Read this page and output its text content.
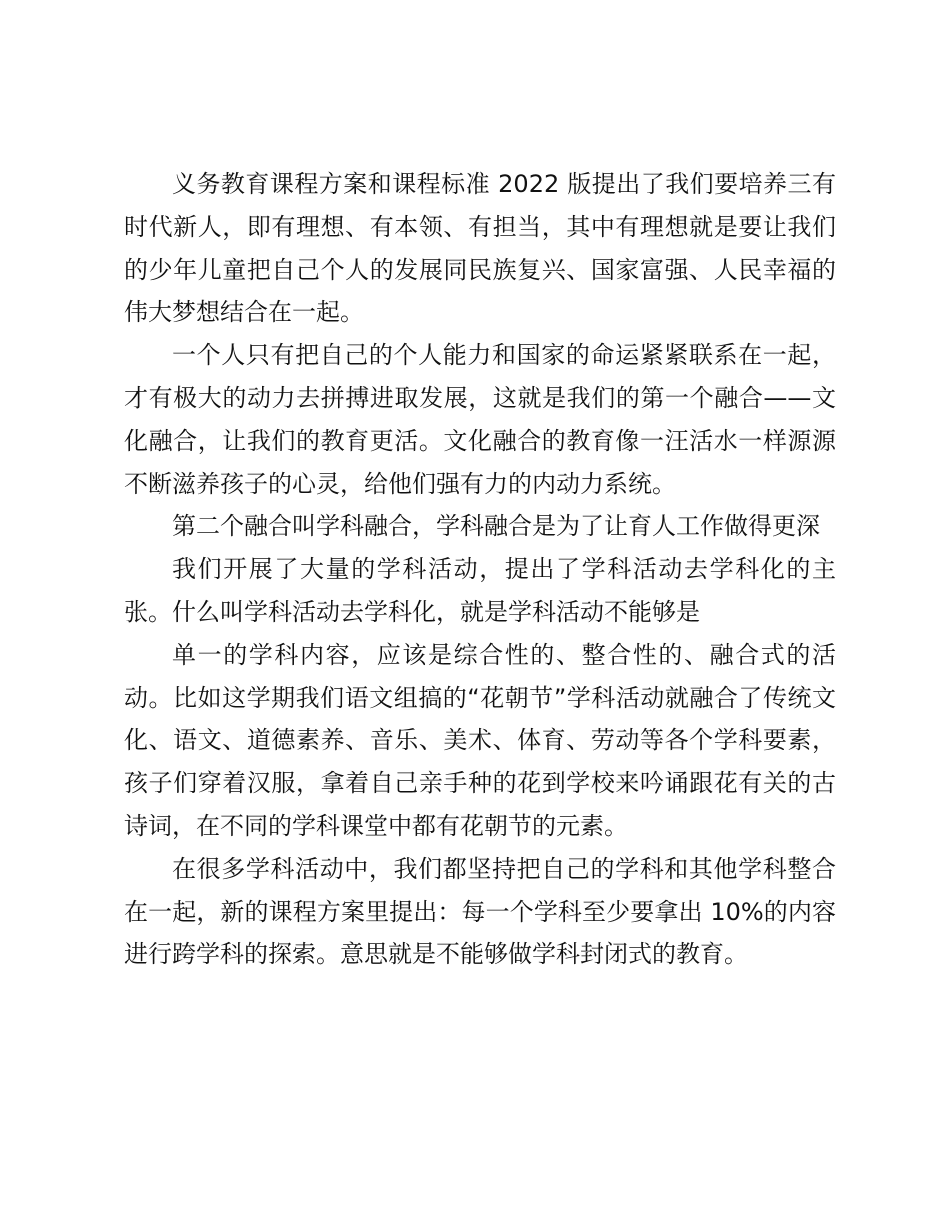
义务教育课程方案和课程标准 2022 版提出了我们要培养三有时代新人，即有理想、有本领、有担当，其中有理想就是要让我们的少年儿童把自己个人的发展同民族复兴、国家富强、人民幸福的伟大梦想结合在一起。

一个人只有把自己的个人能力和国家的命运紧紧联系在一起，才有极大的动力去拼搏进取发展，这就是我们的第一个融合——文化融合，让我们的教育更活。文化融合的教育像一汪活水一样源源不断滋养孩子的心灵，给他们强有力的内动力系统。

第二个融合叫学科融合，学科融合是为了让育人工作做得更深

我们开展了大量的学科活动，提出了学科活动去学科化的主张。什么叫学科活动去学科化，就是学科活动不能够是

单一的学科内容，应该是综合性的、整合性的、融合式的活动。比如这学期我们语文组搞的“花朝节”学科活动就融合了传统文化、语文、道德素养、音乐、美术、体育、劳动等各个学科要素，孩子们穿着汉服，拿着自己亲手种的花到学校来吟诵跟花有关的古诗词，在不同的学科课堂中都有花朝节的元素。

在很多学科活动中，我们都坚持把自己的学科和其他学科整合在一起，新的课程方案里提出：每一个学科至少要拿出 10%的内容进行跨学科的探索。意思就是不能够做学科封闭式的教育。
